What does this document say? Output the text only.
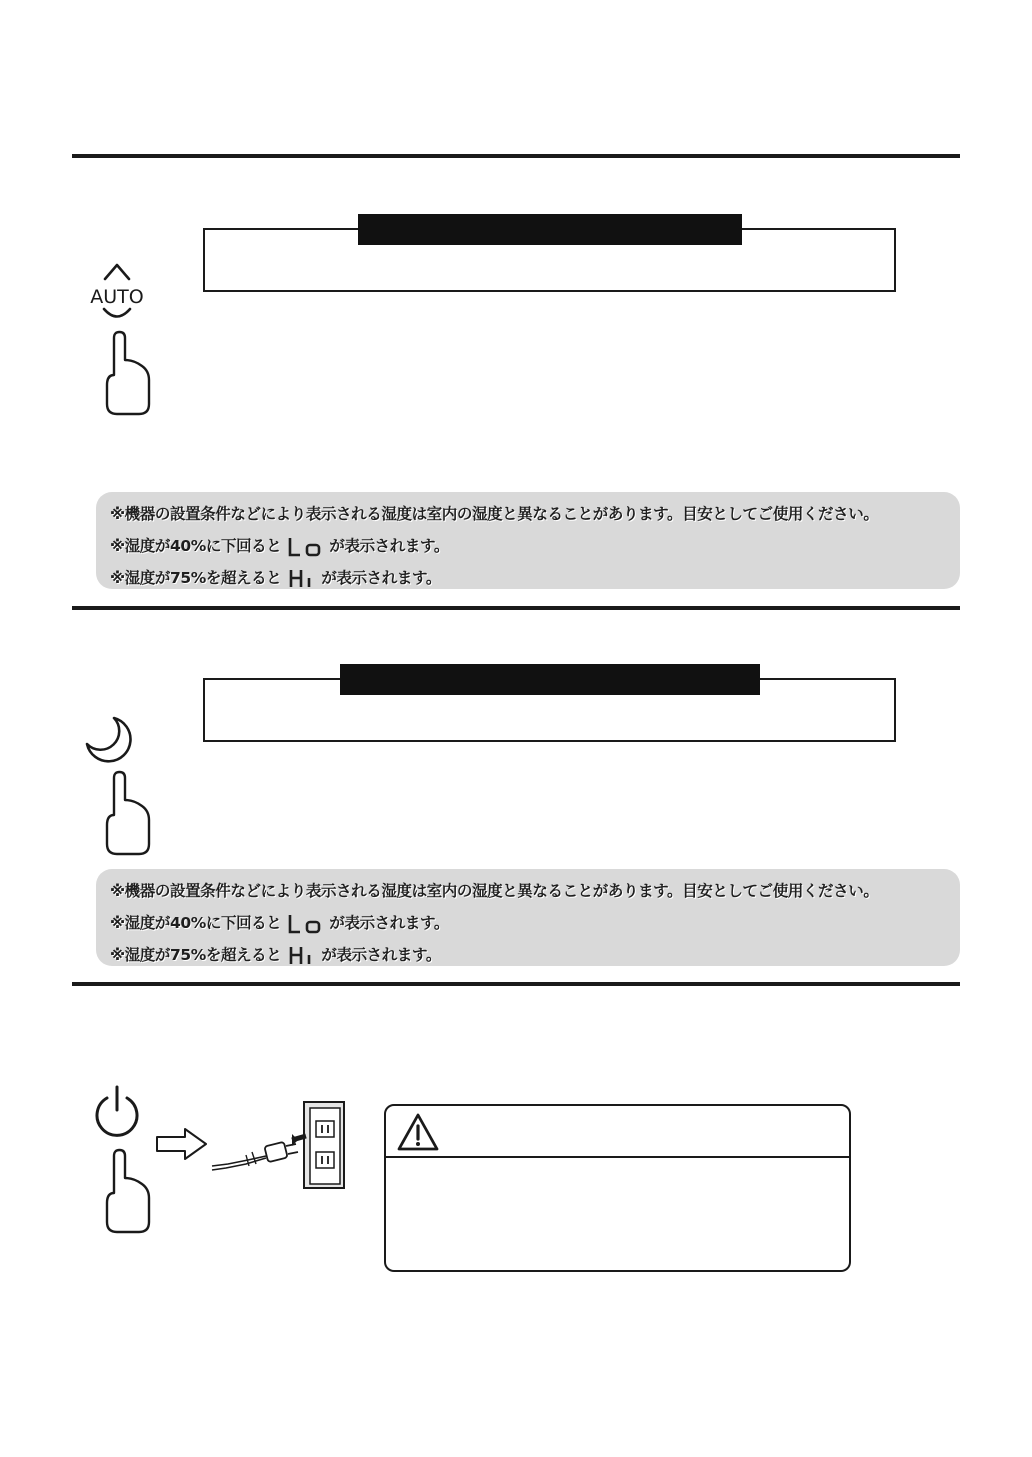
AUTO
※機器の設置条件などにより表示される湿度は室内の湿度と異なることがあります。目安としてご使用ください。
※湿度が40%に下回ると	が表示されます。
※湿度が75%を超えると	が表示されます。
※機器の設置条件などにより表示される湿度は室内の湿度と異なることがあります。目安としてご使用ください。
※湿度が40%に下回ると	が表示されます。
※湿度が75%を超えると	が表示されます。
